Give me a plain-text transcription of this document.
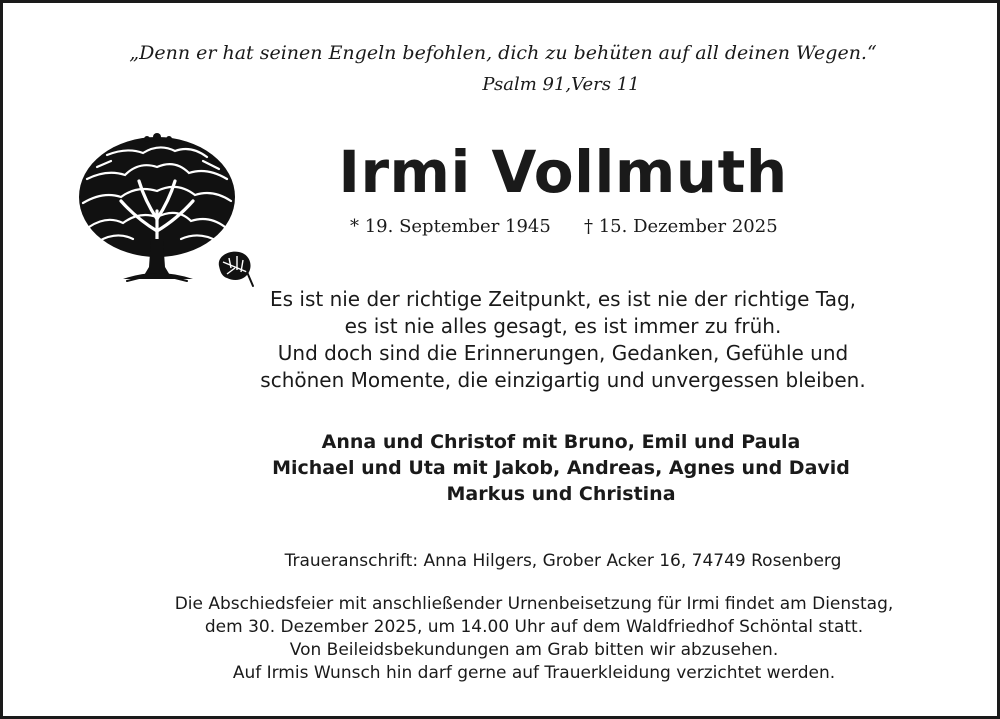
„Denn er hat seinen Engeln befohlen, dich zu behüten auf all deinen Wegen.“
Psalm 91,Vers 11
Irmi Vollmuth
* 19. September 1945 † 15. Dezember 2025
Es ist nie der richtige Zeitpunkt, es ist nie der richtige Tag,
es ist nie alles gesagt, es ist immer zu früh.
Und doch sind die Erinnerungen, Gedanken, Gefühle und
schönen Momente, die einzigartig und unvergessen bleiben.
Anna und Christof mit Bruno, Emil und Paula
Michael und Uta mit Jakob, Andreas, Agnes und David
Markus und Christina
Traueranschrift: Anna Hilgers, Grober Acker 16, 74749 Rosenberg
Die Abschiedsfeier mit anschließender Urnenbeisetzung für Irmi findet am Dienstag,
dem 30. Dezember 2025, um 14.00 Uhr auf dem Waldfriedhof Schöntal statt.
Von Beileidsbekundungen am Grab bitten wir abzusehen.
Auf Irmis Wunsch hin darf gerne auf Trauerkleidung verzichtet werden.
